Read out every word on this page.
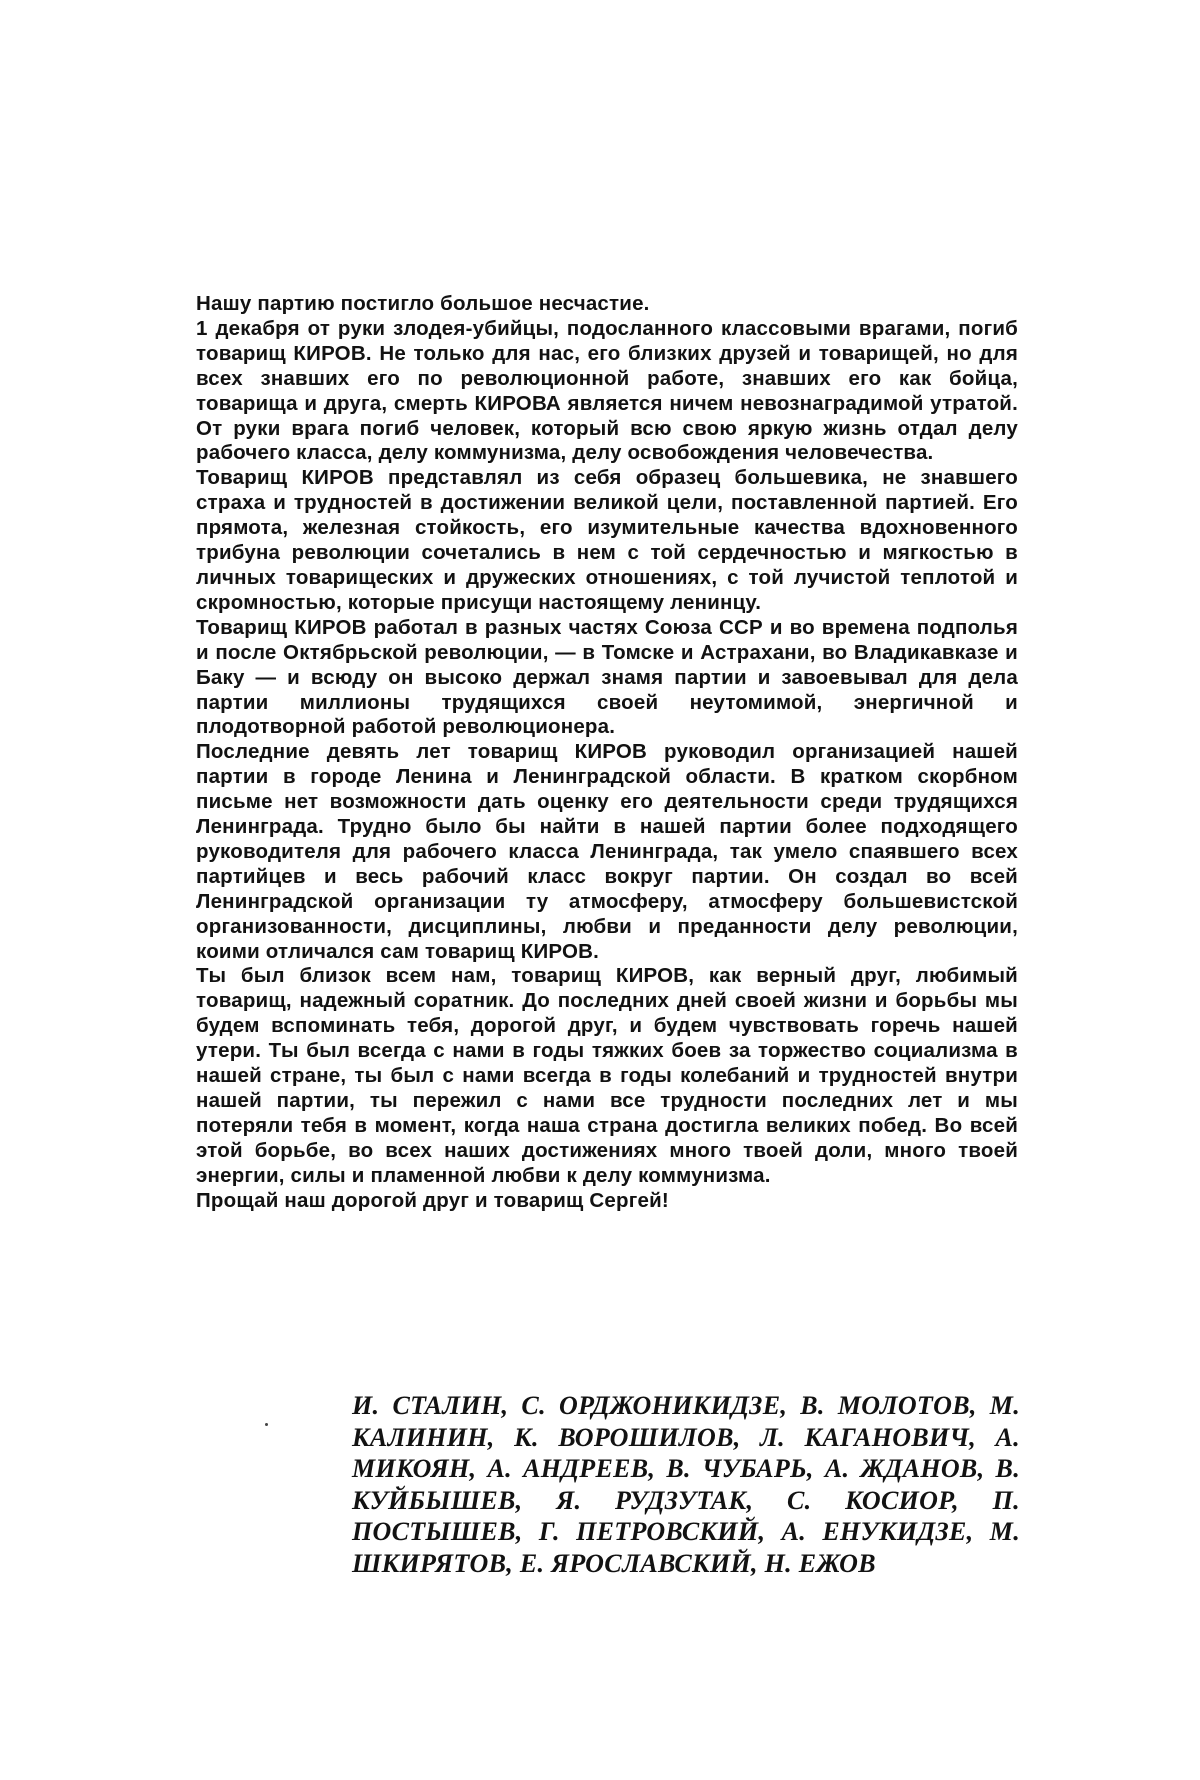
Нашу партию постигло большое несчастие.

1 декабря от руки злодея-убийцы, подосланного классовыми врагами, погиб товарищ КИРОВ. Не только для нас, его близких друзей и товарищей, но для всех знавших его по революционной работе, знавших его как бойца, товарища и друга, смерть КИРОВА является ничем невознаградимой утратой. От руки врага погиб человек, который всю свою яркую жизнь отдал делу рабочего класса, делу коммунизма, делу освобождения человечества.

Товарищ КИРОВ представлял из себя образец большевика, не знавшего страха и трудностей в достижении великой цели, поставленной партией. Его прямота, железная стойкость, его изумительные качества вдохновенного трибуна революции сочетались в нем с той сердечностью и мягкостью в личных товарищеских и дружеских отношениях, с той лучистой теплотой и скромностью, которые присущи настоящему ленинцу.

Товарищ КИРОВ работал в разных частях Союза ССР и во времена подполья и после Октябрьской революции, — в Томске и Астрахани, во Владикавказе и Баку — и всюду он высоко держал знамя партии и завоевывал для дела партии миллионы трудящихся своей неутомимой, энергичной и плодотворной работой революционера.

Последние девять лет товарищ КИРОВ руководил организацией нашей партии в городе Ленина и Ленинградской области. В кратком скорбном письме нет возможности дать оценку его деятельности среди трудящихся Ленинграда. Трудно было бы найти в нашей партии более подходящего руководителя для рабочего класса Ленинграда, так умело спаявшего всех партийцев и весь рабочий класс вокруг партии. Он создал во всей Ленинградской организации ту атмосферу, атмосферу большевистской организованности, дисциплины, любви и преданности делу революции, коими отличался сам товарищ КИРОВ.

Ты был близок всем нам, товарищ КИРОВ, как верный друг, любимый товарищ, надежный соратник. До последних дней своей жизни и борьбы мы будем вспоминать тебя, дорогой друг, и будем чувствовать горечь нашей утери. Ты был всегда с нами в годы тяжких боев за торжество социализма в нашей стране, ты был с нами всегда в годы колебаний и трудностей внутри нашей партии, ты пережил с нами все трудности последних лет и мы потеряли тебя в момент, когда наша страна достигла великих побед. Во всей этой борьбе, во всех наших достижениях много твоей доли, много твоей энергии, силы и пламенной любви к делу коммунизма.

Прощай наш дорогой друг и товарищ Сергей!

И. СТАЛИН, С. ОРДЖОНИКИДЗЕ, В. МОЛОТОВ, М. КАЛИНИН, К. ВОРОШИЛОВ, Л. КАГАНОВИЧ, А. МИКОЯН, А. АНДРЕЕВ, В. ЧУБАРЬ, А. ЖДАНОВ, В. КУЙБЫШЕВ, Я. РУДЗУТАК, С. КОСИОР, П. ПОСТЫШЕВ, Г. ПЕТРОВСКИЙ, А. ЕНУКИДЗЕ, М. ШКИРЯТОВ, Е. ЯРОСЛАВСКИЙ, Н. ЕЖОВ
